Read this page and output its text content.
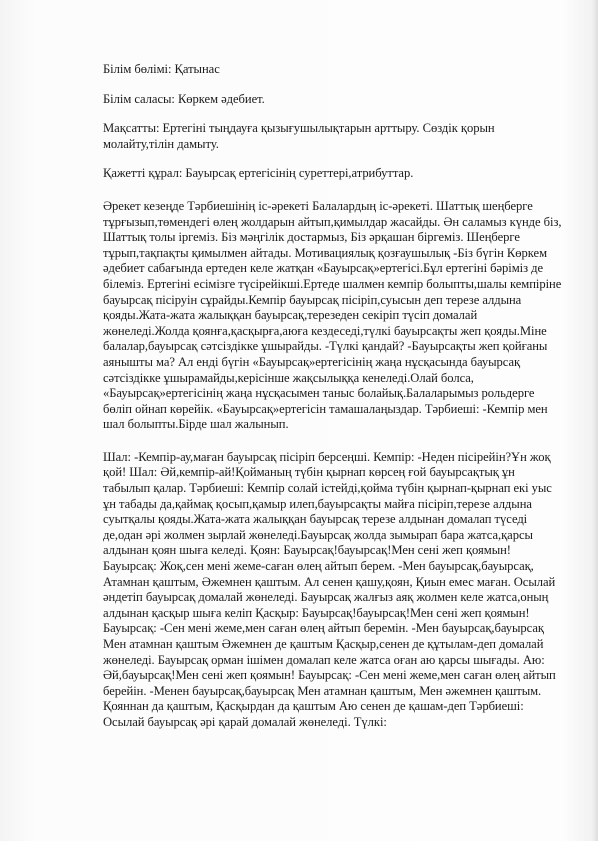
Білім бөлімі: Қатынас

Білім саласы: Көркем әдебиет.

Мақсатты: Ертегіні тыңдауға қызығушылықтарын арттыру. Сөздік қорын молайту,тілін дамыту.

Қажетті құрал: Бауырсақ ертегісінің суреттері,атрибуттар.

Әрекет кезеңде Тәрбиешінің іс-әрекеті Балалардың іс-әрекеті. Шаттық шеңберге тұрғызып,төмендегі өлең жолдарын айтып,қимылдар жасайды. Ән саламыз күнде біз, Шаттық толы іргеміз. Біз мәңгілік достармыз, Біз әрқашан біргеміз. Шеңберге тұрып,тақпақты қимылмен айтады. Мотивациялық қозғаушылық -Біз бүгін Көркем әдебиет сабағында ертеден келе жатқан «Бауырсақ»ертегісі.Бұл ертегіні бәріміз де білеміз. Ертегіні есімізге түсірейікші.Ертеде шалмен кемпір болыпты,шалы кемпіріне бауырсақ пісіруін сұрайды.Кемпір бауырсақ пісіріп,суысын деп терезе алдына қояды.Жата-жата жалыққан бауырсақ,терезеден секіріп түсіп домалай жөнеледі.Жолда қоянға,қасқырға,аюға кездеседі,түлкі бауырсақты жеп қояды.Міне балалар,бауырсақ сәтсіздікке ұшырайды. -Түлкі қандай? -Бауырсақты жеп қойғаны аянышты ма? Ал енді бүгін «Бауырсақ»ертегісінің жаңа нұсқасында бауырсақ сәтсіздікке ұшырамайды,керісінше жақсылыққа кенеледі.Олай болса, «Бауырсақ»ертегісінің жаңа нұсқасымен таныс болайық.Балаларымыз рольдерге бөліп ойнап көрейік. «Бауырсақ»ертегісін тамашалаңыздар. Тәрбиеші: -Кемпір мен шал болыпты.Бірде шал жалынып.

Шал: -Кемпір-ау,маған бауырсақ пісіріп берсеңші. Кемпір: -Неден пісірейін?Ұн жоқ қой! Шал: Әй,кемпір-ай!Қойманың түбін қырнап көрсең ғой бауырсақтық ұн табылып қалар. Тәрбиеші: Кемпір солай істейді,қойма түбін қырнап-қырнап екі уыс ұн табады да,қаймақ қосып,қамыр илеп,бауырсақты майға пісіріп,терезе алдына суытқалы қояды.Жата-жата жалыққан бауырсақ терезе алдынан домалап түседі де,одан әрі жолмен зырлай жөнеледі.Бауырсақ жолда зымырап бара жатса,қарсы алдынан қоян шыға келеді. Қоян: Бауырсақ!бауырсақ!Мен сені жеп қоямын! Бауырсақ: Жоқ,сен мені жеме-саған өлең айтып берем. -Мен бауырсақ,бауырсақ, Атамнан қаштым, Әжемнен қаштым. Ал сенен қашу,қоян, Қиын емес маған. Осылай әндетіп бауырсақ домалай жөнеледі. Бауырсақ жалғыз аяқ жолмен келе жатса,оның алдынан қасқыр шыға келіп Қасқыр: Бауырсақ!бауырсақ!Мен сені жеп қоямын! Бауырсақ: -Сен мені жеме,мен саған өлең айтып беремін. -Мен бауырсақ,бауырсақ Мен атамнан қаштым Әжемнен де қаштым Қасқыр,сенен де құтылам-деп домалай жөнеледі. Бауырсақ орман ішімен домалап келе жатса оған аю қарсы шығады. Аю: Әй,бауырсақ!Мен сені жеп қоямын! Бауырсақ: -Сен мені жеме,мен саған өлең айтып берейін. -Менен бауырсақ,бауырсақ Мен атамнан қаштым, Мен әжемнен қаштым. Қояннан да қаштым, Қасқырдан да қаштым Аю сенен де қашам-деп Тәрбиеші: Осылай бауырсақ әрі қарай домалай жөнеледі. Түлкі:
